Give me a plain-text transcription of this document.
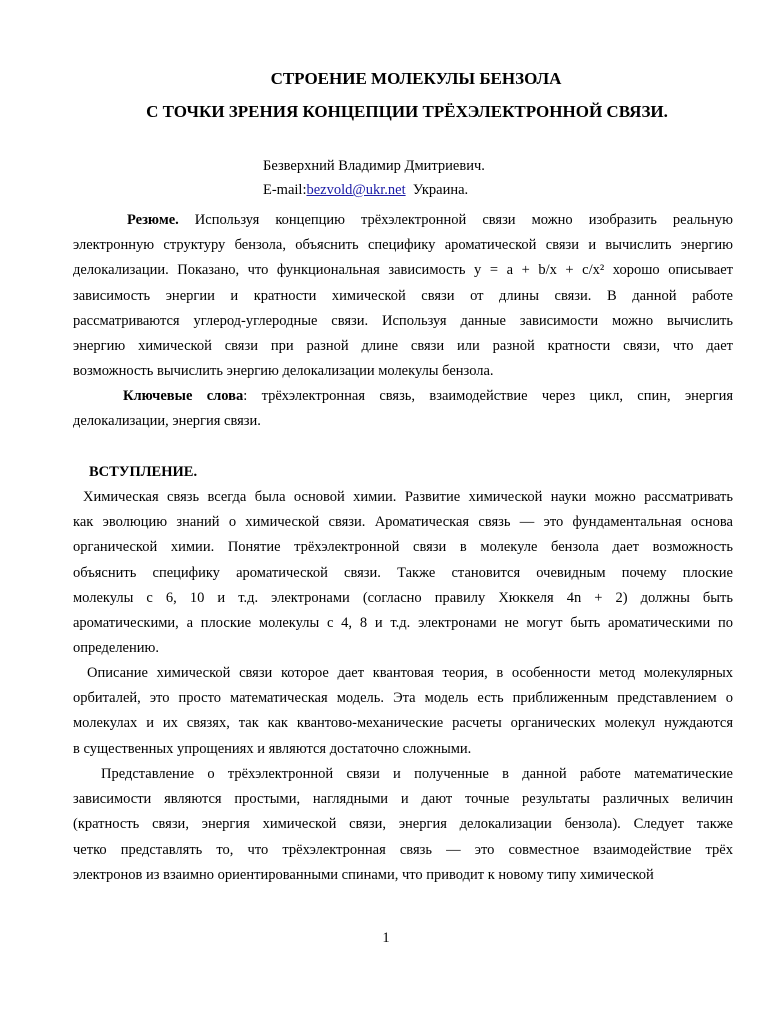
СТРОЕНИЕ МОЛЕКУЛЫ БЕНЗОЛА
С ТОЧКИ ЗРЕНИЯ КОНЦЕПЦИИ ТРЁХЭЛЕКТРОННОЙ СВЯЗИ.
Безверхний Владимир Дмитриевич.
E-mail:bezvold@ukr.net Украина.
Резюме. Используя концепцию трёхэлектронной связи можно изобразить реальную
электронную структуру бензола, объяснить специфику ароматической связи и вычислить энергию
делокализации. Показано, что функциональная зависимость y = a + b/x + c/x² хорошо описывает
зависимость энергии и кратности химической связи от длины связи. В данной работе
рассматриваются углерод-углеродные связи. Используя данные зависимости можно вычислить
энергию химической связи при разной длине связи или разной кратности связи, что дает
возможность вычислить энергию делокализации молекулы бензола.
Ключевые слова: трёхэлектронная связь, взаимодействие через цикл, спин, энергия
делокализации, энергия связи.
ВСТУПЛЕНИЕ.
Химическая связь всегда была основой химии. Развитие химической науки можно рассматривать
как эволюцию знаний о химической связи. Ароматическая связь — это фундаментальная основа
органической химии. Понятие трёхэлектронной связи в молекуле бензола дает возможность
объяснить специфику ароматической связи. Также становится очевидным почему плоские
молекулы с 6, 10 и т.д. электронами (согласно правилу Хюккеля 4n + 2) должны быть
ароматическими, а плоские молекулы с 4, 8 и т.д. электронами не могут быть ароматическими по
определению.
Описание химической связи которое дает квантовая теория, в особенности метод молекулярных
орбиталей, это просто математическая модель. Эта модель есть приближенным представлением о
молекулах и их связях, так как квантово-механические расчеты органических молекул нуждаются
в существенных упрощениях и являются достаточно сложными.
Представление о трёхэлектронной связи и полученные в данной работе математические
зависимости являются простыми, наглядными и дают точные результаты различных величин
(кратность связи, энергия химической связи, энергия делокализации бензола). Следует также
четко представлять то, что трёхэлектронная связь — это совместное взаимодействие трёх
электронов из взаимно ориентированными спинами, что приводит к новому типу химической
1
